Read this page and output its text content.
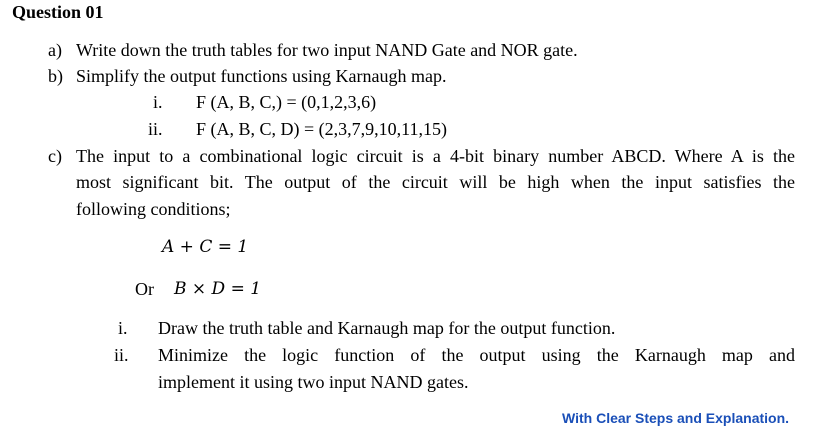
Question 01
a) Write down the truth tables for two input NAND Gate and NOR gate.
b) Simplify the output functions using Karnaugh map.
i. F (A, B, C,) = (0,1,2,3,6)
ii. F (A, B, C, D) = (2,3,7,9,10,11,15)
c) The input to a combinational logic circuit is a 4-bit binary number ABCD. Where A is the
most significant bit. The output of the circuit will be high when the input satisfies the
following conditions;
A + C = 1
Or B × D = 1
i. Draw the truth table and Karnaugh map for the output function.
ii. Minimize the logic function of the output using the Karnaugh map and
implement it using two input NAND gates.
With Clear Steps and Explanation.
